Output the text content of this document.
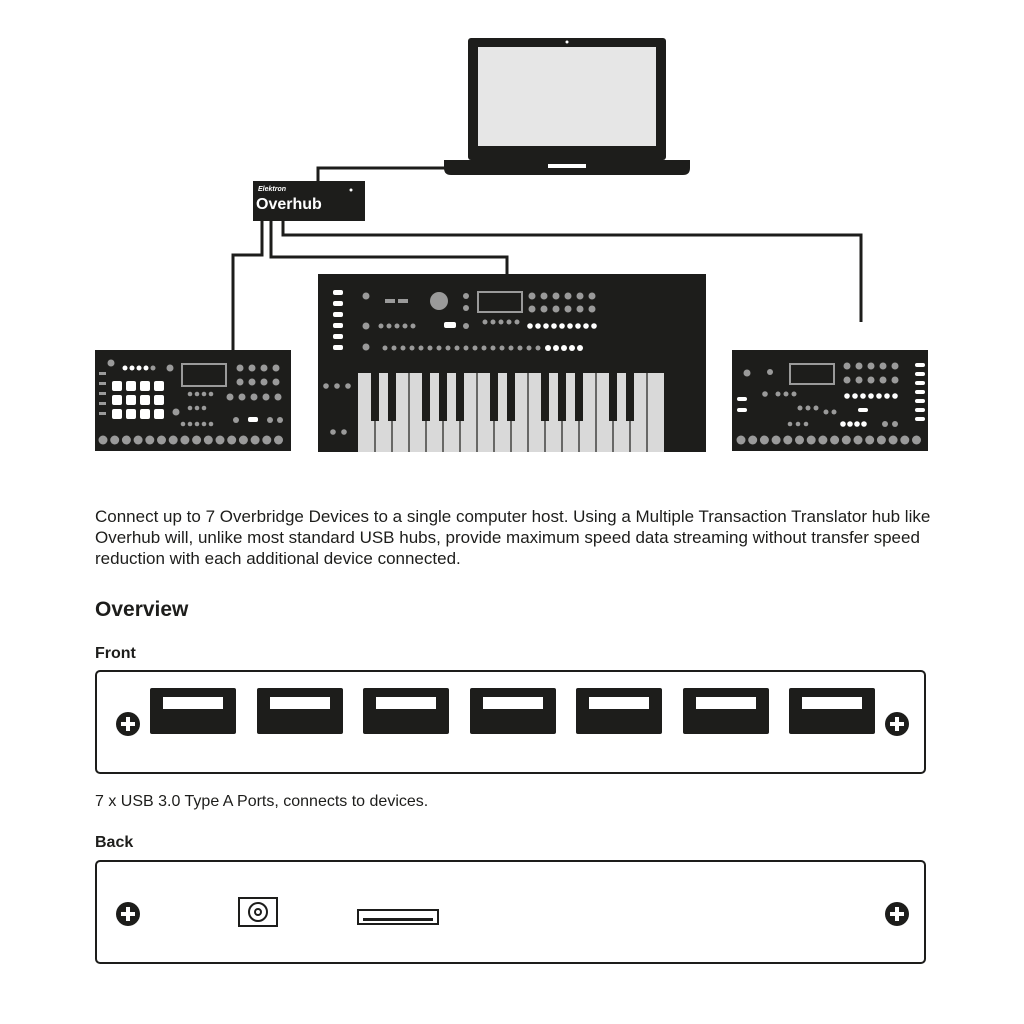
Elektron
Overhub

Connect up to 7 Overbridge Devices to a single computer host. Using a Multiple Transaction Translator hub like Overhub will, unlike most standard USB hubs, provide maximum speed data streaming without transfer speed reduction with each additional device connected.

Overview
Front

7 x USB 3.0 Type A Ports, connects to devices.

Back
